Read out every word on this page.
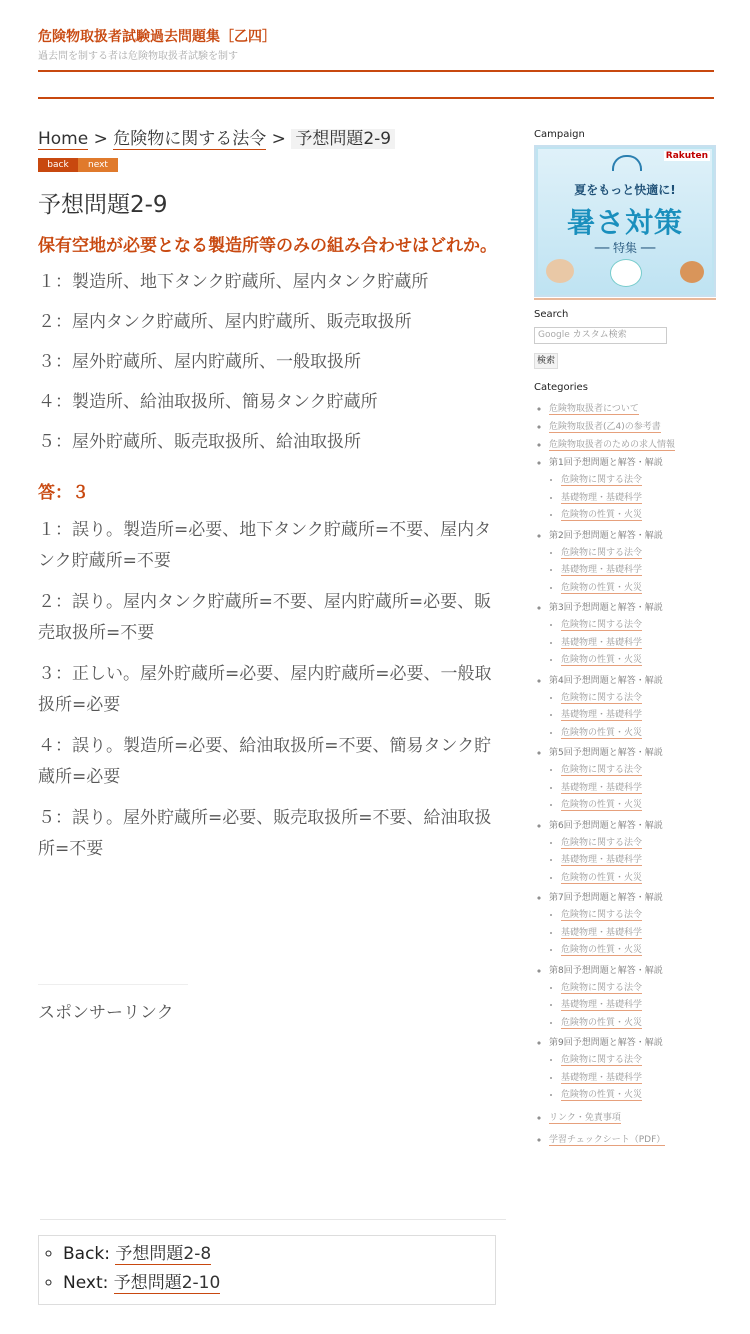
危険物取扱者試験過去問題集［乙四］
過去問を制する者は危険物取扱者試験を制す
Home > 危険物に関する法令 > 予想問題2-9
back	next
予想問題2-9
保有空地が必要となる製造所等のみの組み合わせはどれか。
１：製造所、地下タンク貯蔵所、屋内タンク貯蔵所
２：屋内タンク貯蔵所、屋内貯蔵所、販売取扱所
３：屋外貯蔵所、屋内貯蔵所、一般取扱所
４：製造所、給油取扱所、簡易タンク貯蔵所
５：屋外貯蔵所、販売取扱所、給油取扱所
答：３
１：誤り。製造所=必要、地下タンク貯蔵所=不要、屋内タンク貯蔵所=不要
２：誤り。屋内タンク貯蔵所=不要、屋内貯蔵所=必要、販売取扱所=不要
３：正しい。屋外貯蔵所=必要、屋内貯蔵所=必要、一般取扱所=必要
４：誤り。製造所=必要、給油取扱所=不要、簡易タンク貯蔵所=必要
５：誤り。屋外貯蔵所=必要、販売取扱所=不要、給油取扱所=不要
スポンサーリンク
◦ Back: 予想問題2-8
◦ Next: 予想問題2-10
Campaign
Rakuten
夏をもっと快適に!
暑さ対策
── 特集 ──
Search
Google カスタム検索
検索
Categories
◦ 危険物取扱者について
◦ 危険物取扱者(乙4)の参考書
◦ 危険物取扱者のための求人情報
◦ 第1回予想問題と解答・解説
• 危険物に関する法令
• 基礎物理・基礎科学
• 危険物の性質・火災
◦ 第2回予想問題と解答・解説
• 危険物に関する法令
• 基礎物理・基礎科学
• 危険物の性質・火災
◦ 第3回予想問題と解答・解説
• 危険物に関する法令
• 基礎物理・基礎科学
• 危険物の性質・火災
◦ 第4回予想問題と解答・解説
• 危険物に関する法令
• 基礎物理・基礎科学
• 危険物の性質・火災
◦ 第5回予想問題と解答・解説
• 危険物に関する法令
• 基礎物理・基礎科学
• 危険物の性質・火災
◦ 第6回予想問題と解答・解説
• 危険物に関する法令
• 基礎物理・基礎科学
• 危険物の性質・火災
◦ 第7回予想問題と解答・解説
• 危険物に関する法令
• 基礎物理・基礎科学
• 危険物の性質・火災
◦ 第8回予想問題と解答・解説
• 危険物に関する法令
• 基礎物理・基礎科学
• 危険物の性質・火災
◦ 第9回予想問題と解答・解説
• 危険物に関する法令
• 基礎物理・基礎科学
• 危険物の性質・火災
◦ リンク・免責事項
◦ 学習チェックシート（PDF）
